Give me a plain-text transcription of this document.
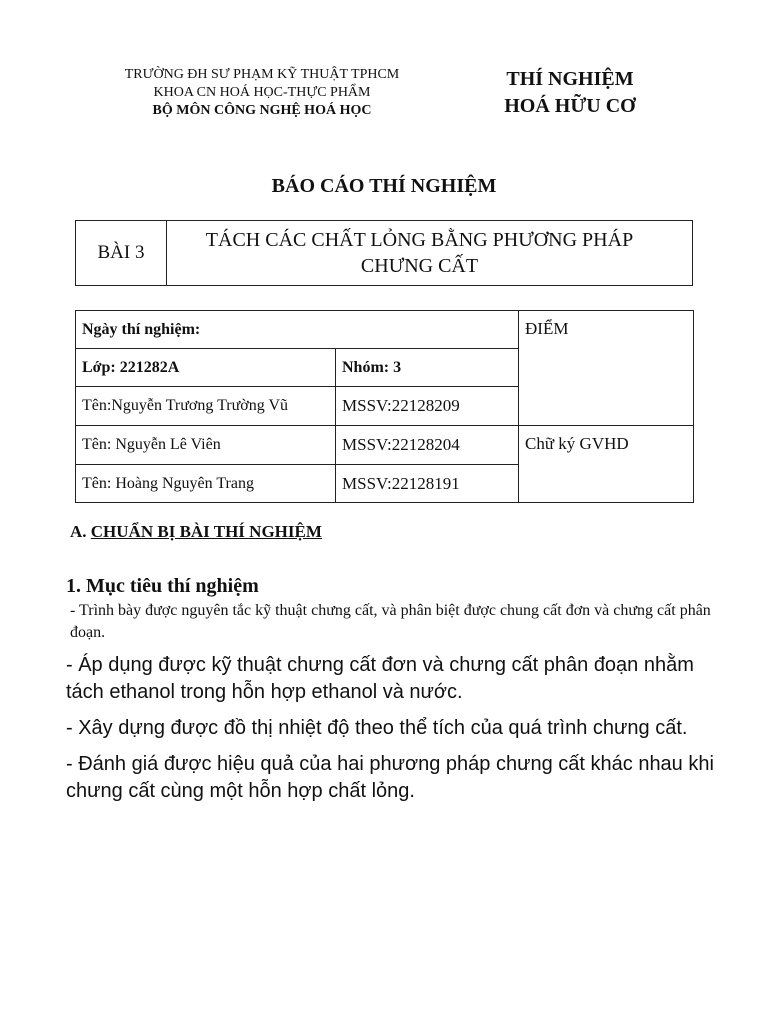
TRƯỜNG ĐH SƯ PHẠM KỸ THUẬT TPHCM
KHOA CN HOÁ HỌC-THỰC PHẨM
BỘ MÔN CÔNG NGHỆ HOÁ HỌC
THÍ NGHIỆM
HOÁ HỮU CƠ
BÁO CÁO THÍ NGHIỆM
BÀI 3
TÁCH CÁC CHẤT LỎNG BẰNG PHƯƠNG PHÁP CHƯNG CẤT
Ngày thí nghiệm:		ĐIỂM
Lớp: 221282A	Nhóm: 3	
Tên:Nguyễn Trương Trường Vũ	MSSV:22128209	
Tên: Nguyễn Lê Viên	MSSV:22128204	Chữ ký GVHD
Tên: Hoàng Nguyên Trang	MSSV:22128191	
A. CHUẨN BỊ BÀI THÍ NGHIỆM
1. Mục tiêu thí nghiệm
- Trình bày được nguyên tắc kỹ thuật chưng cất, và phân biệt được chung cất đơn và chưng cất phân đoạn.
- Áp dụng được kỹ thuật chưng cất đơn và chưng cất phân đoạn nhằm tách ethanol trong hỗn hợp ethanol và nước.
- Xây dựng được đồ thị nhiệt độ theo thể tích của quá trình chưng cất.
- Đánh giá được hiệu quả của hai phương pháp chưng cất khác nhau khi chưng cất cùng một hỗn hợp chất lỏng.
